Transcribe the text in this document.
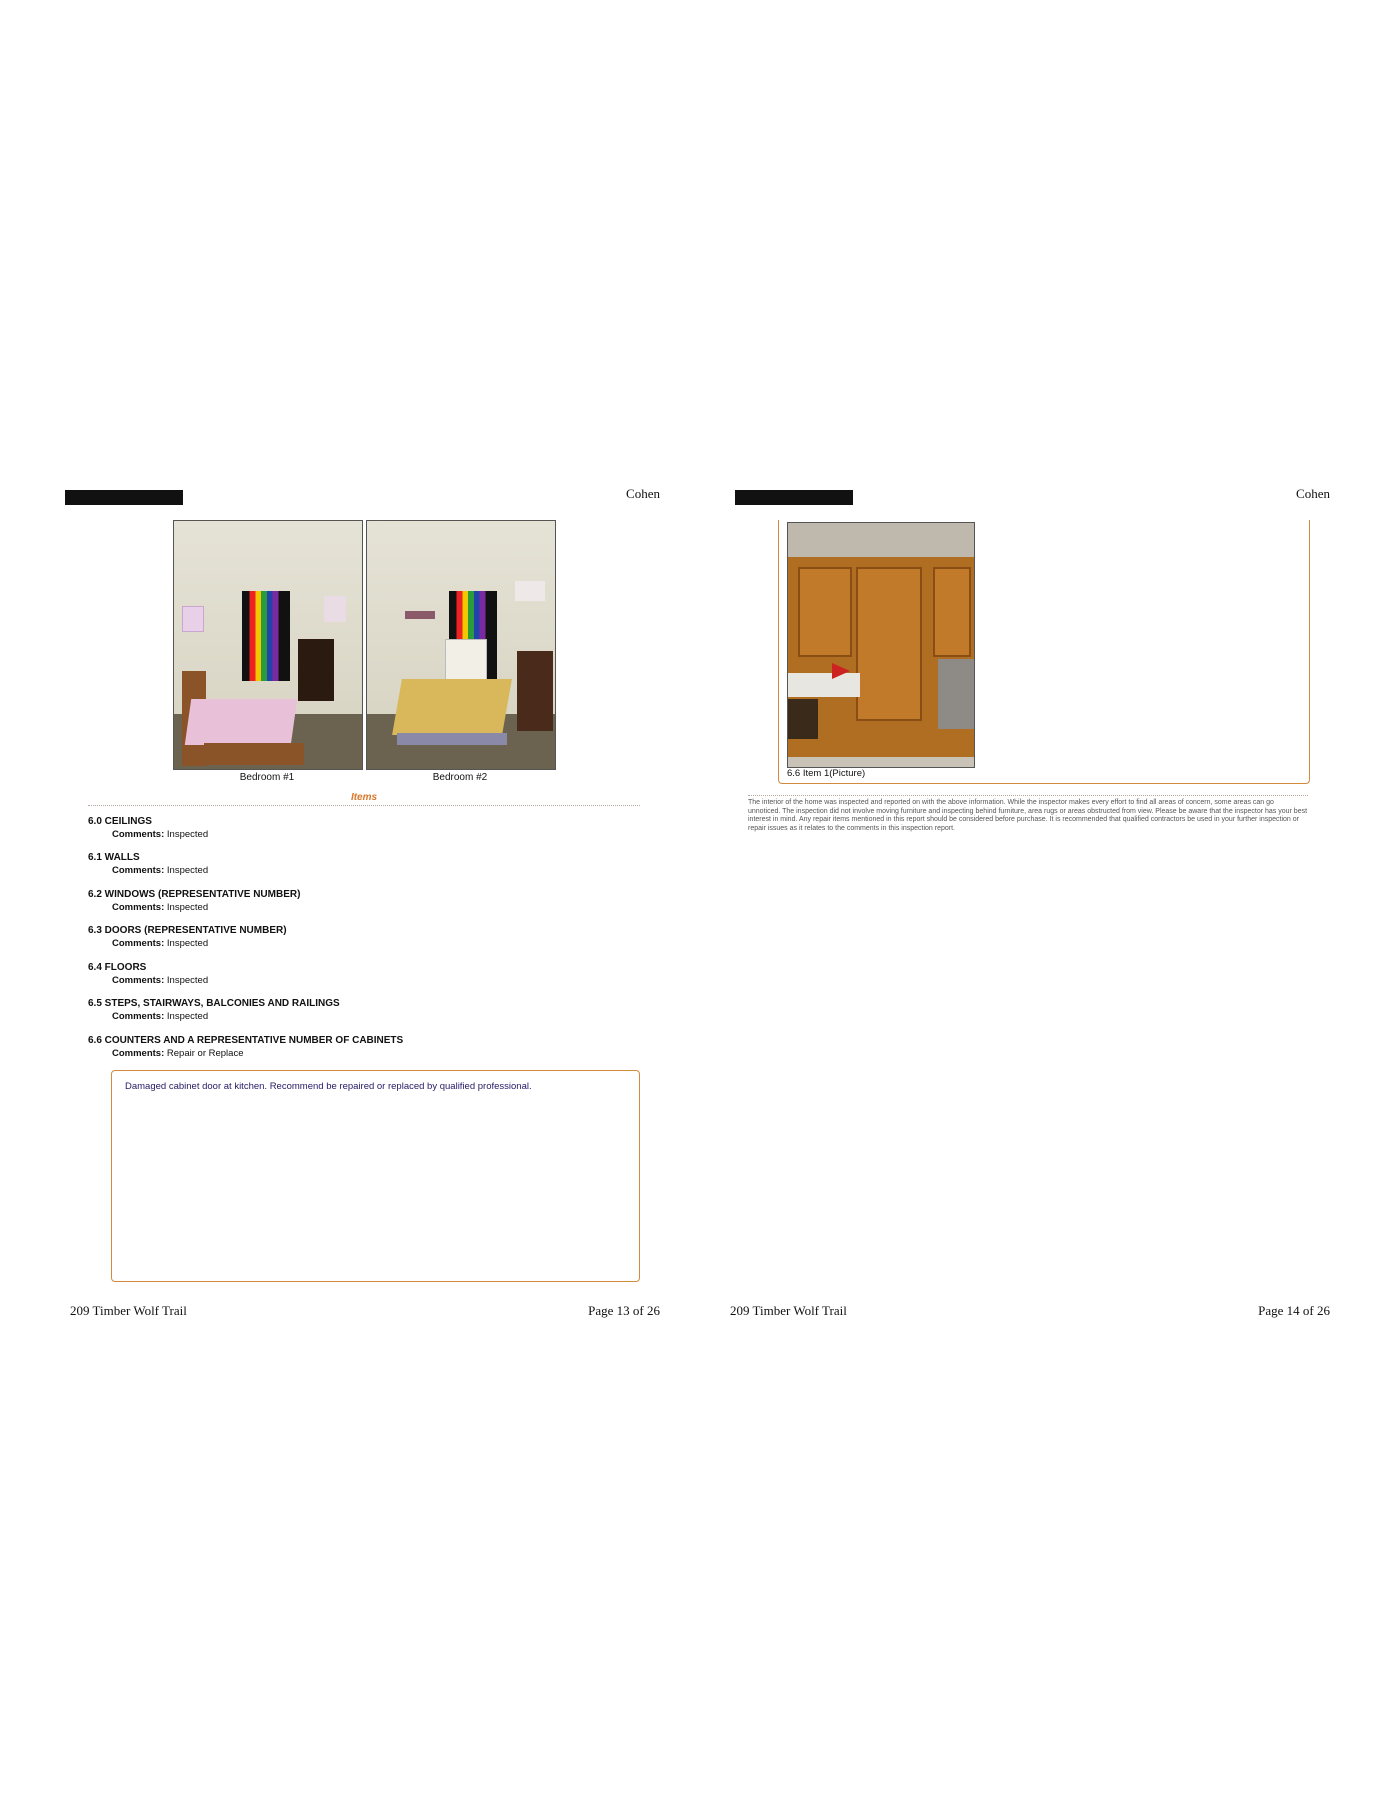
Cohen
Bedroom #1	Bedroom #2
Items
6.0 CEILINGS
Comments: Inspected
6.1 WALLS
Comments: Inspected
6.2 WINDOWS (REPRESENTATIVE NUMBER)
Comments: Inspected
6.3 DOORS (REPRESENTATIVE NUMBER)
Comments: Inspected
6.4 FLOORS
Comments: Inspected
6.5 STEPS, STAIRWAYS, BALCONIES AND RAILINGS
Comments: Inspected
6.6 COUNTERS AND A REPRESENTATIVE NUMBER OF CABINETS
Comments: Repair or Replace
Damaged cabinet door at kitchen. Recommend be repaired or replaced by qualified professional.
209 Timber Wolf Trail	Page 13 of 26
Cohen
6.6 Item 1(Picture)
The interior of the home was inspected and reported on with the above information. While the inspector makes every effort to find all areas of concern, some areas can go unnoticed. The inspection did not involve moving furniture and inspecting behind furniture, area rugs or areas obstructed from view. Please be aware that the inspector has your best interest in mind. Any repair items mentioned in this report should be considered before purchase. It is recommended that qualified contractors be used in your further inspection or repair issues as it relates to the comments in this inspection report.
209 Timber Wolf Trail	Page 14 of 26
